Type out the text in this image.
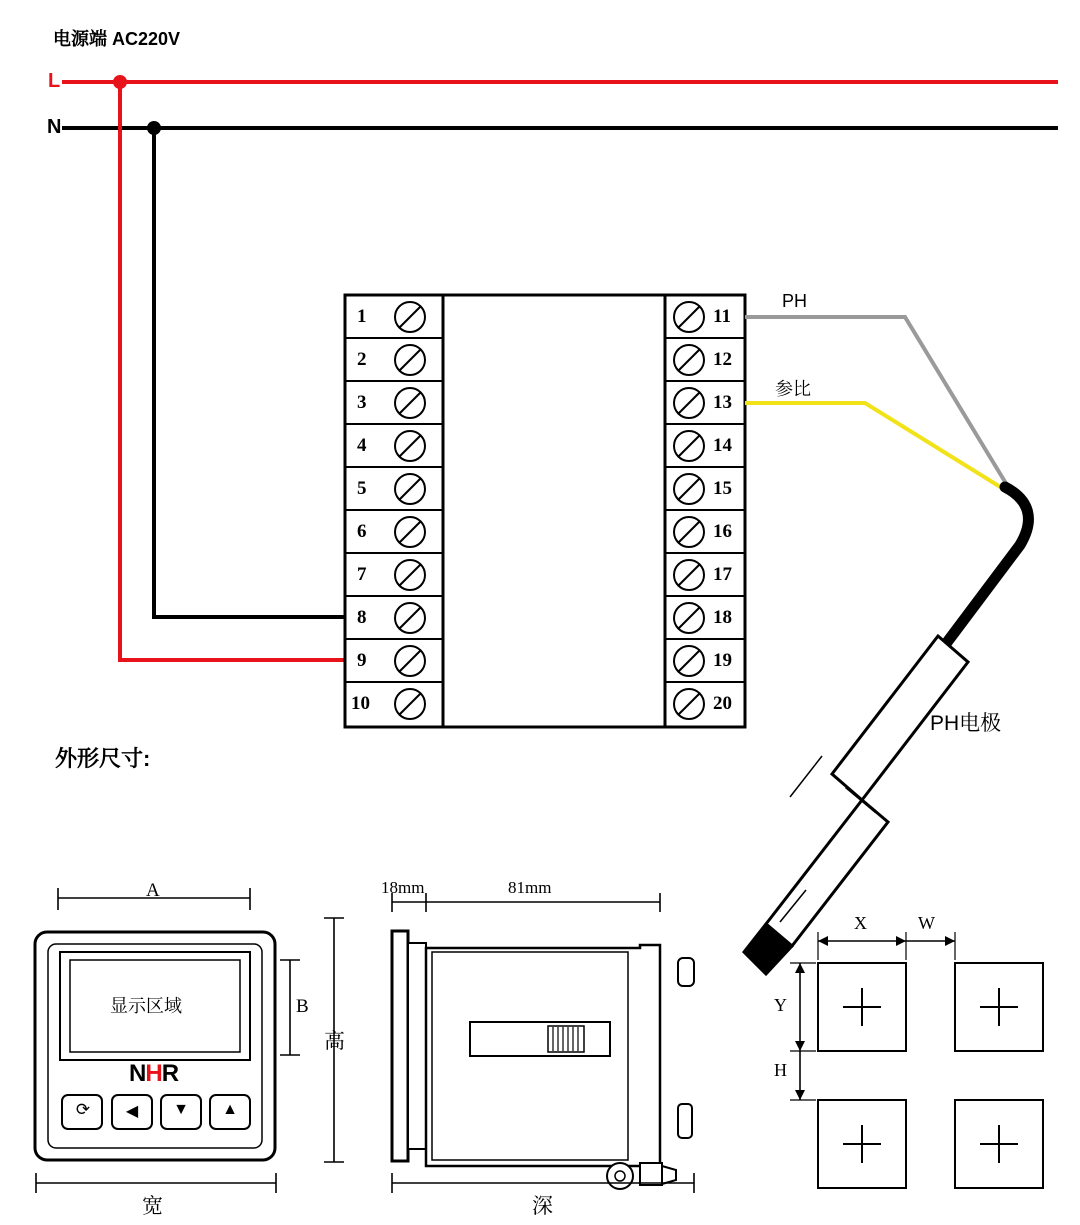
电源端 AC220V
L
N
1
2
3
4
5
6
7
8
9
10
11
12
13
14
15
16
17
18
19
20
PH
参比
PH电极
外形尺寸:
显示区域
NHR
⟳	◀	▼ ▲
A
B
高
宽
18mm	81mm
深
X	W
Y
H
